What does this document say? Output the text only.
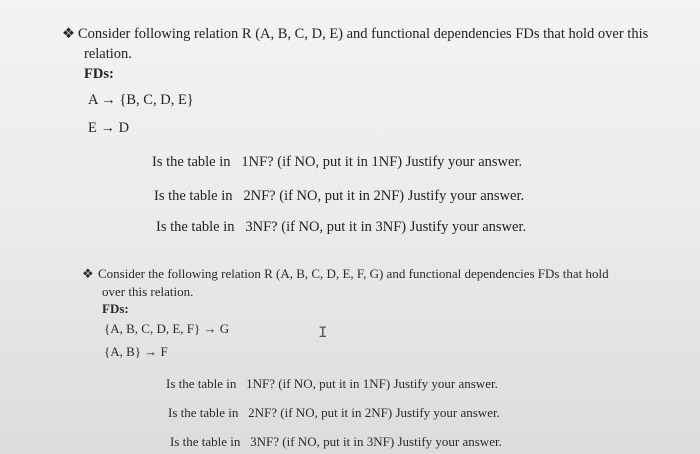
❖ Consider following relation R (A, B, C, D, E) and functional dependencies FDs that hold over this
relation.
FDs:
A → {B, C, D, E}
E → D
Is the table in   1NF? (if NO, put it in 1NF) Justify your answer.
Is the table in   2NF? (if NO, put it in 2NF) Justify your answer.
Is the table in   3NF? (if NO, put it in 3NF) Justify your answer.
❖ Consider the following relation R (A, B, C, D, E, F, G) and functional dependencies FDs that hold
over this relation.
FDs:
{A, B, C, D, E, F} → G
{A, B} → F
Is the table in   1NF? (if NO, put it in 1NF) Justify your answer.
Is the table in   2NF? (if NO, put it in 2NF) Justify your answer.
Is the table in   3NF? (if NO, put it in 3NF) Justify your answer.
I
